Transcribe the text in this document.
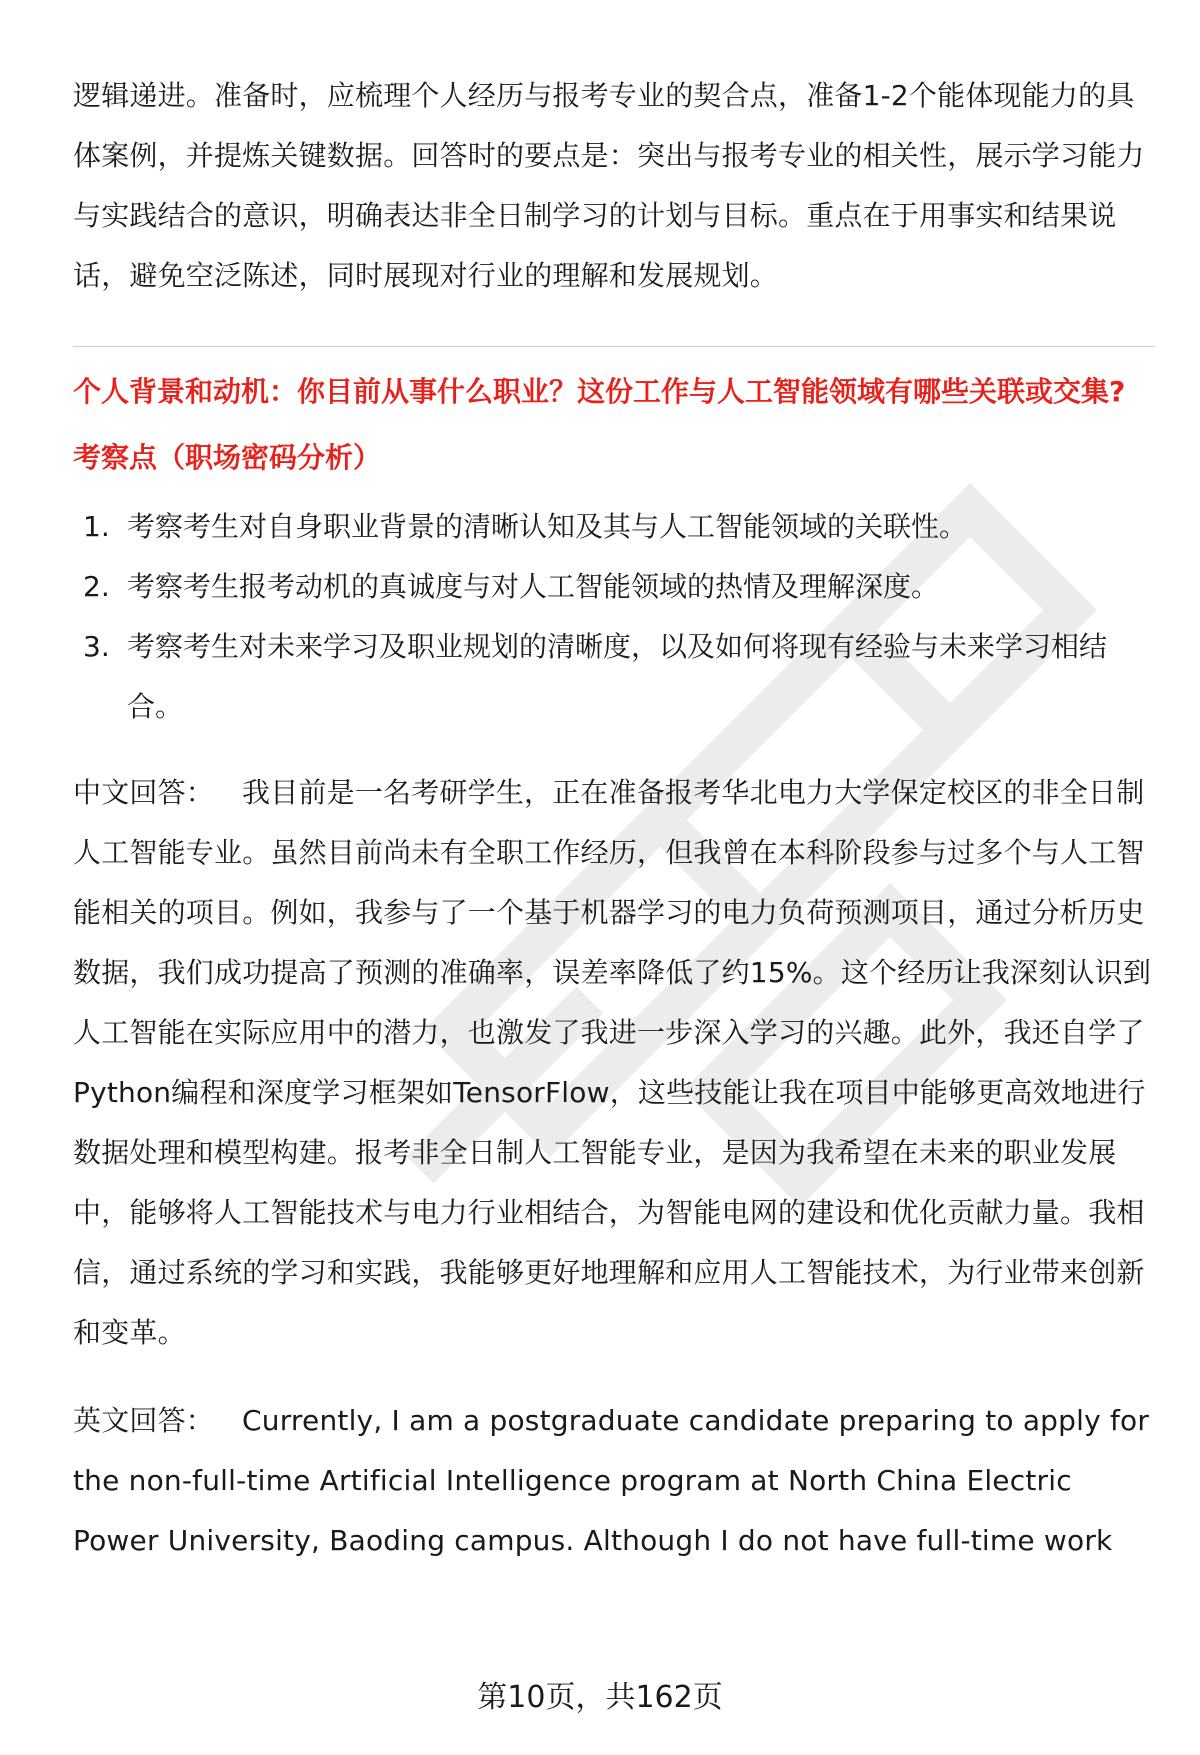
逻辑递进。准备时，应梳理个人经历与报考专业的契合点，准备1-2个能体现能力的具体案例，并提炼关键数据。回答时的要点是：突出与报考专业的相关性，展示学习能力与实践结合的意识，明确表达非全日制学习的计划与目标。重点在于用事实和结果说话，避免空泛陈述，同时展现对行业的理解和发展规划。

个人背景和动机：你目前从事什么职业？这份工作与人工智能领域有哪些关联或交集?
考察点（职场密码分析）
1. 考察考生对自身职业背景的清晰认知及其与人工智能领域的关联性。
2. 考察考生报考动机的真诚度与对人工智能领域的热情及理解深度。
3. 考察考生对未来学习及职业规划的清晰度，以及如何将现有经验与未来学习相结合。

中文回答： 我目前是一名考研学生，正在准备报考华北电力大学保定校区的非全日制人工智能专业。虽然目前尚未有全职工作经历，但我曾在本科阶段参与过多个与人工智能相关的项目。例如，我参与了一个基于机器学习的电力负荷预测项目，通过分析历史数据，我们成功提高了预测的准确率，误差率降低了约15%。这个经历让我深刻认识到人工智能在实际应用中的潜力，也激发了我进一步深入学习的兴趣。此外，我还自学了Python编程和深度学习框架如TensorFlow，这些技能让我在项目中能够更高效地进行数据处理和模型构建。报考非全日制人工智能专业，是因为我希望在未来的职业发展中，能够将人工智能技术与电力行业相结合，为智能电网的建设和优化贡献力量。我相信，通过系统的学习和实践，我能够更好地理解和应用人工智能技术，为行业带来创新和变革。

英文回答： Currently, I am a postgraduate candidate preparing to apply for the non-full-time Artificial Intelligence program at North China Electric Power University, Baoding campus. Although I do not have full-time work

第10页，共162页
